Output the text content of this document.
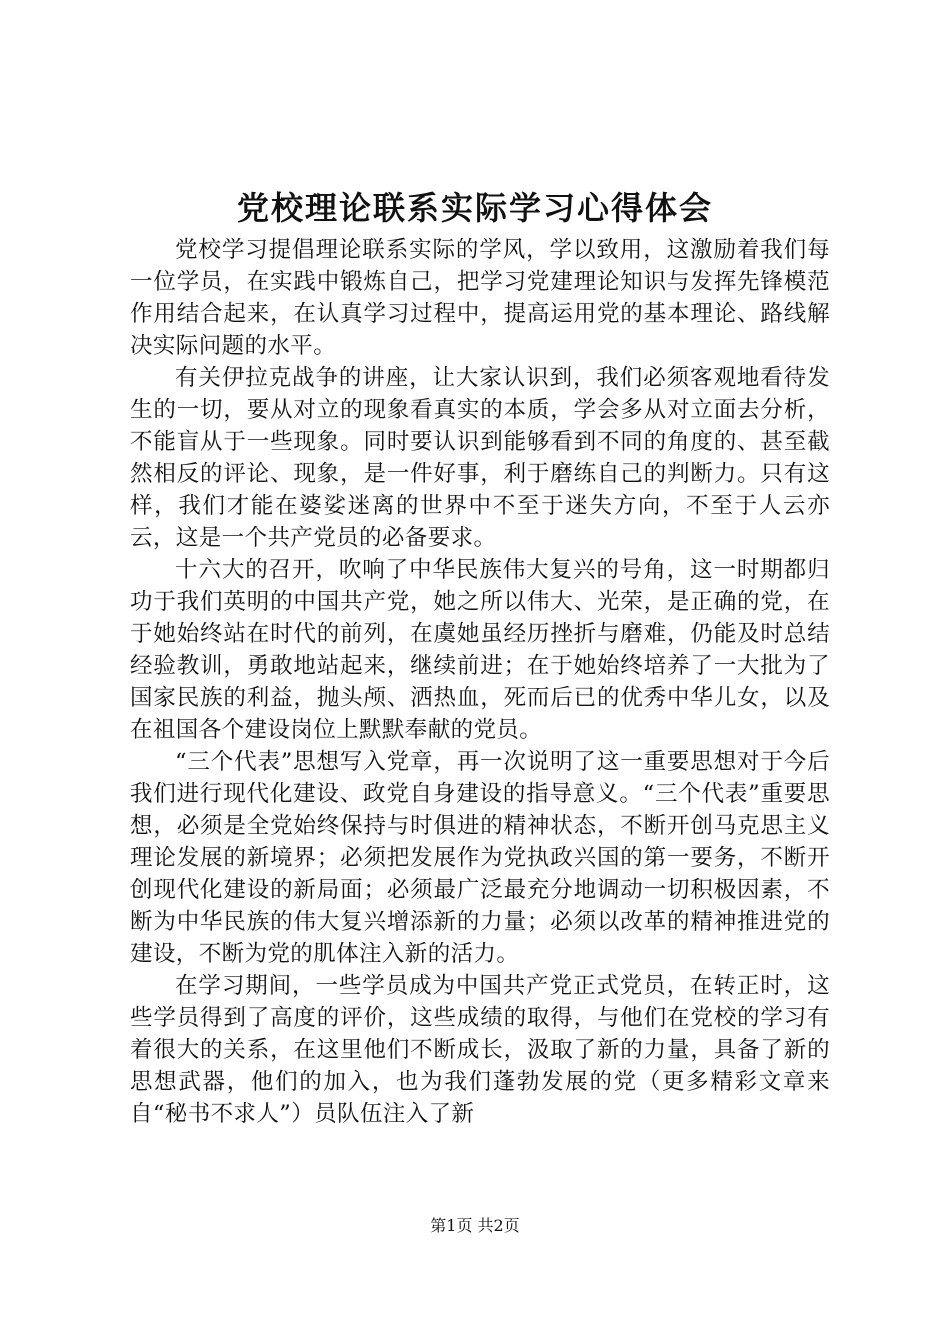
党校理论联系实际学习心得体会

党校学习提倡理论联系实际的学风，学以致用，这激励着我们每一位学员，在实践中锻炼自己，把学习党建理论知识与发挥先锋模范作用结合起来，在认真学习过程中，提高运用党的基本理论、路线解决实际问题的水平。

有关伊拉克战争的讲座，让大家认识到，我们必须客观地看待发生的一切，要从对立的现象看真实的本质，学会多从对立面去分析，不能盲从于一些现象。同时要认识到能够看到不同的角度的、甚至截然相反的评论、现象，是一件好事，利于磨练自己的判断力。只有这样，我们才能在婆娑迷离的世界中不至于迷失方向，不至于人云亦云，这是一个共产党员的必备要求。

十六大的召开，吹响了中华民族伟大复兴的号角，这一时期都归功于我们英明的中国共产党，她之所以伟大、光荣，是正确的党，在于她始终站在时代的前列，在虞她虽经历挫折与磨难，仍能及时总结经验教训，勇敢地站起来，继续前进；在于她始终培养了一大批为了国家民族的利益，抛头颅、洒热血，死而后已的优秀中华儿女，以及在祖国各个建设岗位上默默奉献的党员。

“三个代表”思想写入党章，再一次说明了这一重要思想对于今后我们进行现代化建设、政党自身建设的指导意义。“三个代表”重要思想，必须是全党始终保持与时俱进的精神状态，不断开创马克思主义理论发展的新境界；必须把发展作为党执政兴国的第一要务，不断开创现代化建设的新局面；必须最广泛最充分地调动一切积极因素，不断为中华民族的伟大复兴增添新的力量；必须以改革的精神推进党的建设，不断为党的肌体注入新的活力。

在学习期间，一些学员成为中国共产党正式党员，在转正时，这些学员得到了高度的评价，这些成绩的取得，与他们在党校的学习有着很大的关系，在这里他们不断成长，汲取了新的力量，具备了新的思想武器，他们的加入，也为我们蓬勃发展的党（更多精彩文章来自“秘书不求人”）员队伍注入了新

第1页 共2页
